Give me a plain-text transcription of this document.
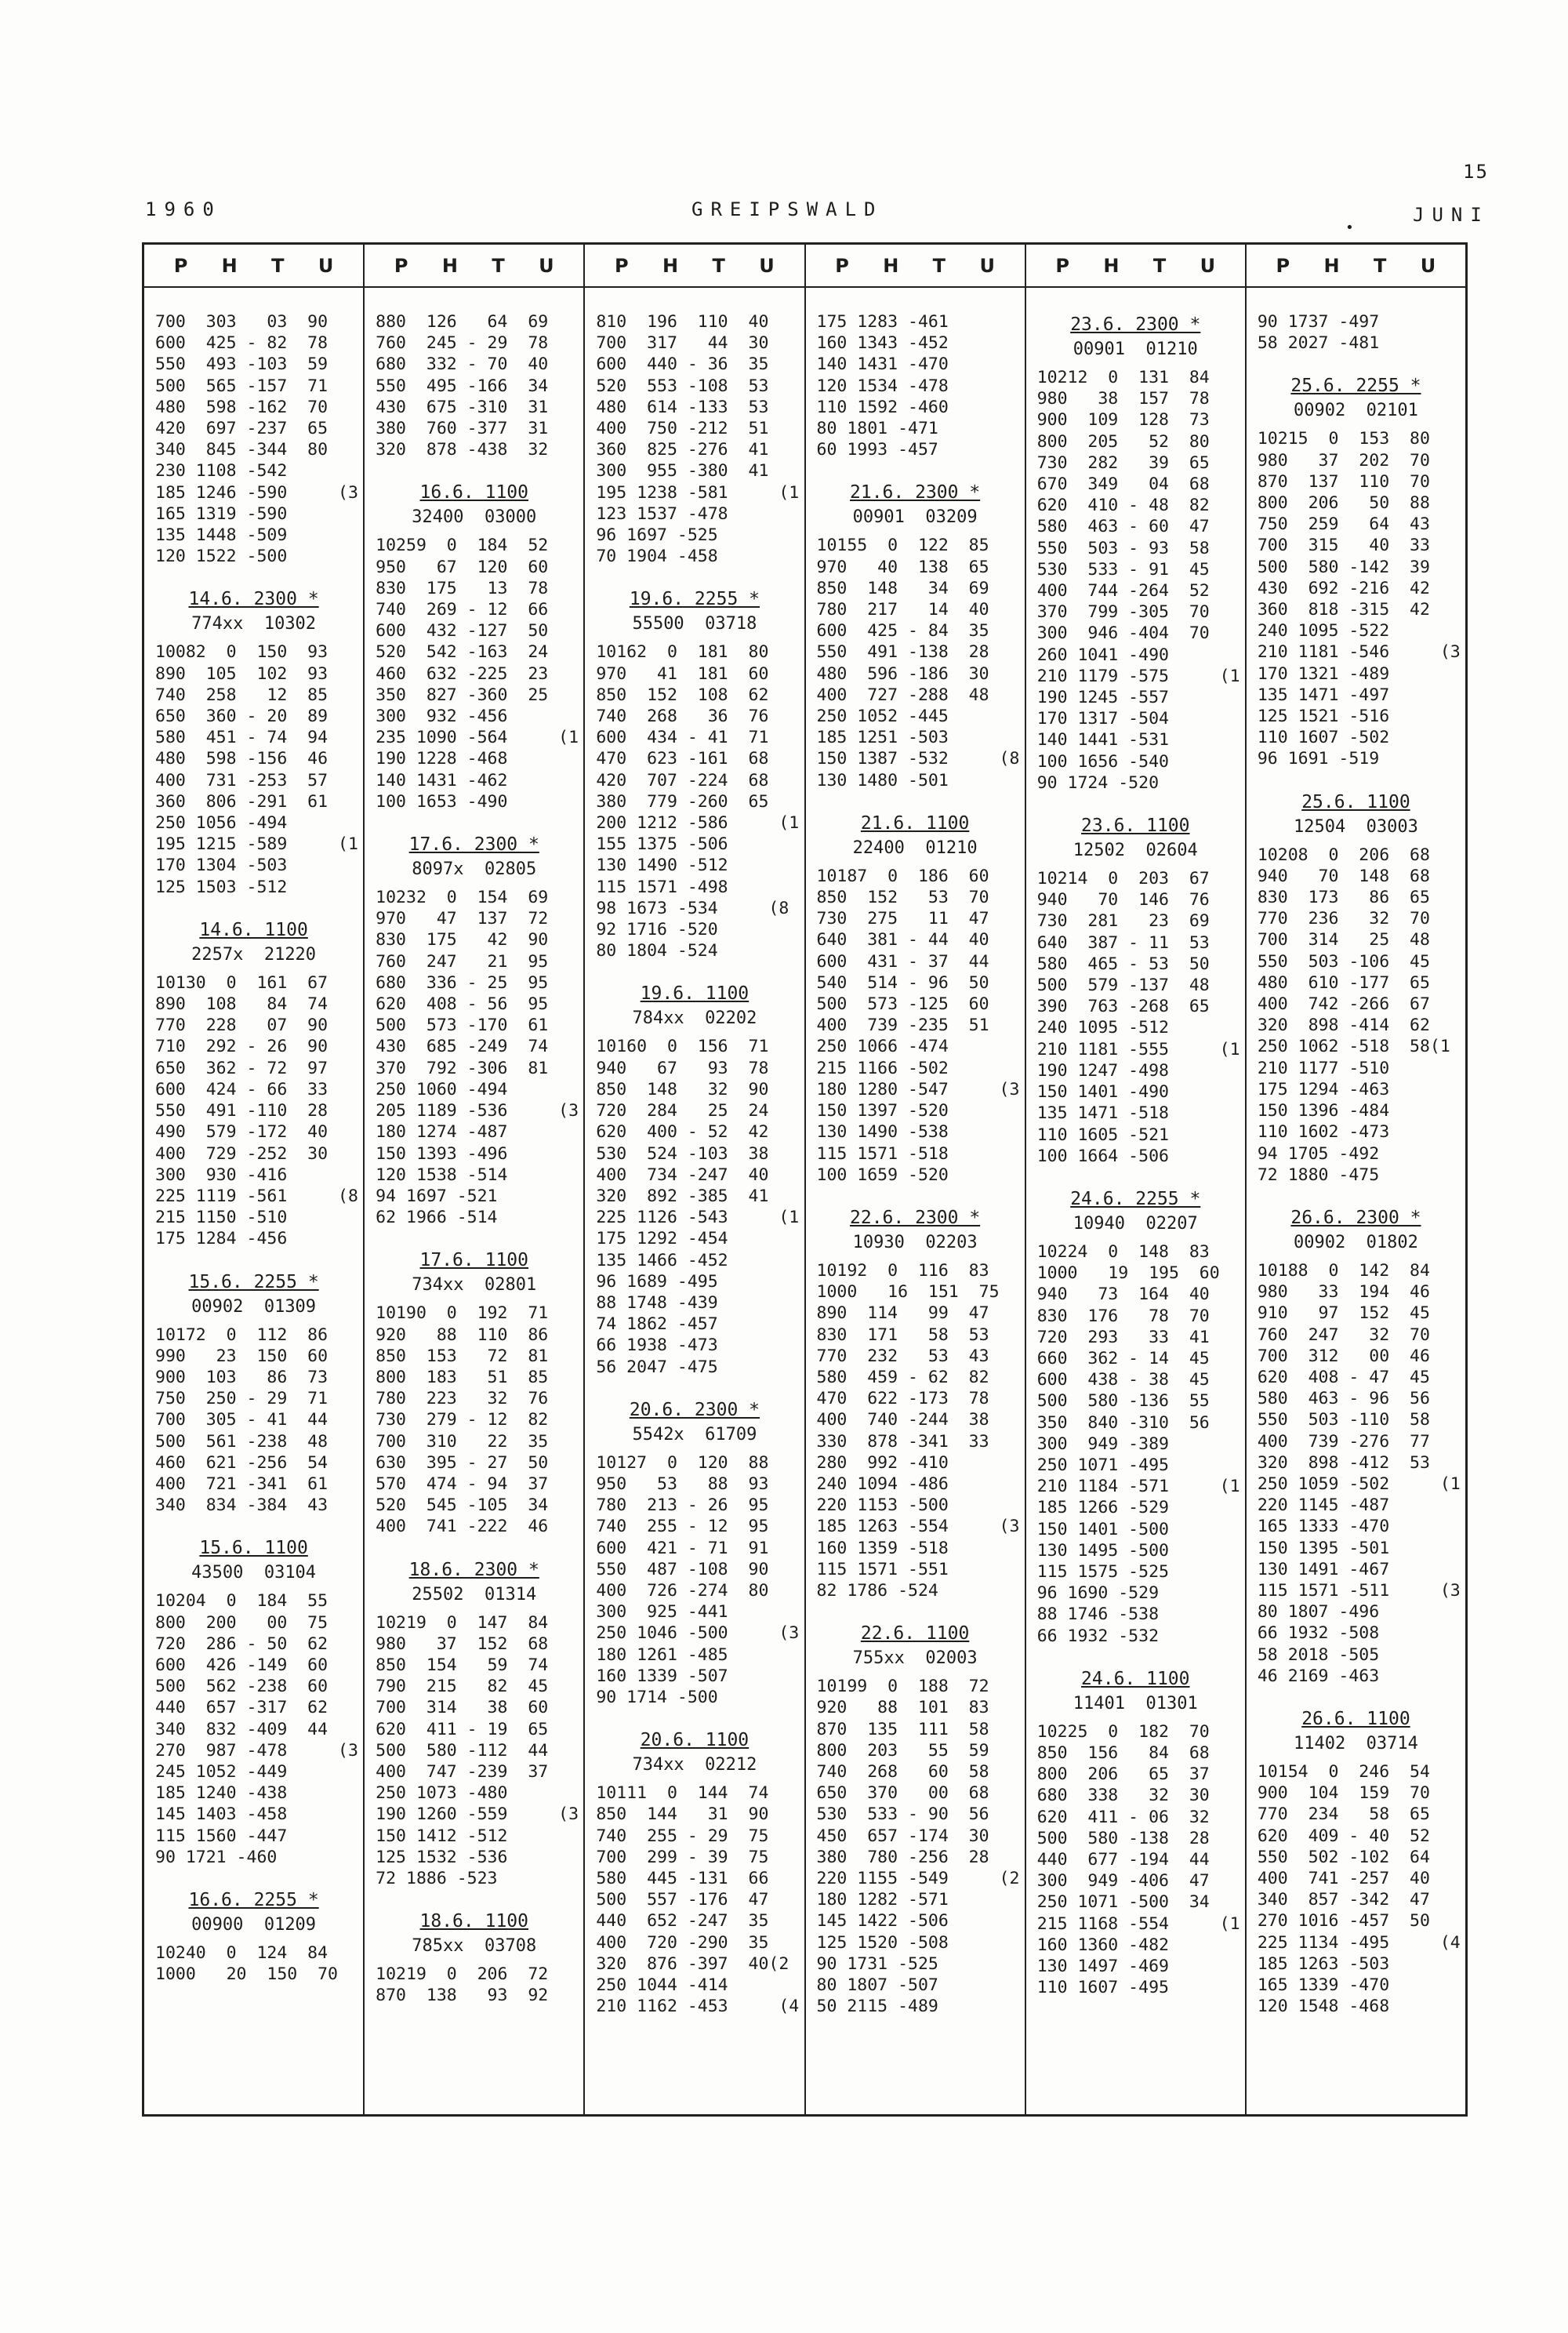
15
1960	GREIPSWALD	JUNI
•
P H T U
700  303   03  90
600  425 - 82  78
550  493 -103  59
500  565 -157  71
480  598 -162  70
420  697 -237  65
340  845 -344  80
230 1108 -542
185 1246 -590     (3
165 1319 -590
135 1448 -509
120 1522 -500
14.6. 2300 *
774xx  10302
10082  0  150  93
890  105  102  93
740  258   12  85
650  360 - 20  89
580  451 - 74  94
480  598 -156  46
400  731 -253  57
360  806 -291  61
250 1056 -494
195 1215 -589     (1
170 1304 -503
125 1503 -512
14.6. 1100
2257x  21220
10130  0  161  67
890  108   84  74
770  228   07  90
710  292 - 26  90
650  362 - 72  97
600  424 - 66  33
550  491 -110  28
490  579 -172  40
400  729 -252  30
300  930 -416
225 1119 -561     (8
215 1150 -510
175 1284 -456
15.6. 2255 *
00902  01309
10172  0  112  86
990   23  150  60
900  103   86  73
750  250 - 29  71
700  305 - 41  44
500  561 -238  48
460  621 -256  54
400  721 -341  61
340  834 -384  43
15.6. 1100
43500  03104
10204  0  184  55
800  200   00  75
720  286 - 50  62
600  426 -149  60
500  562 -238  60
440  657 -317  62
340  832 -409  44
270  987 -478     (3
245 1052 -449
185 1240 -438
145 1403 -458
115 1560 -447
90 1721 -460
16.6. 2255 *
00900  01209
10240  0  124  84
1000   20  150  70
P H T U
880  126   64  69
760  245 - 29  78
680  332 - 70  40
550  495 -166  34
430  675 -310  31
380  760 -377  31
320  878 -438  32
16.6. 1100
32400  03000
10259  0  184  52
950   67  120  60
830  175   13  78
740  269 - 12  66
600  432 -127  50
520  542 -163  24
460  632 -225  23
350  827 -360  25
300  932 -456
235 1090 -564     (1
190 1228 -468
140 1431 -462
100 1653 -490
17.6. 2300 *
8097x  02805
10232  0  154  69
970   47  137  72
830  175   42  90
760  247   21  95
680  336 - 25  95
620  408 - 56  95
500  573 -170  61
430  685 -249  74
370  792 -306  81
250 1060 -494
205 1189 -536     (3
180 1274 -487
150 1393 -496
120 1538 -514
94 1697 -521
62 1966 -514
17.6. 1100
734xx  02801
10190  0  192  71
920   88  110  86
850  153   72  81
800  183   51  85
780  223   32  76
730  279 - 12  82
700  310   22  35
630  395 - 27  50
570  474 - 94  37
520  545 -105  34
400  741 -222  46
18.6. 2300 *
25502  01314
10219  0  147  84
980   37  152  68
850  154   59  74
790  215   82  45
700  314   38  60
620  411 - 19  65
500  580 -112  44
400  747 -239  37
250 1073 -480
190 1260 -559     (3
150 1412 -512
125 1532 -536
72 1886 -523
18.6. 1100
785xx  03708
10219  0  206  72
870  138   93  92
P H T U
810  196  110  40
700  317   44  30
600  440 - 36  35
520  553 -108  53
480  614 -133  53
400  750 -212  51
360  825 -276  41
300  955 -380  41
195 1238 -581     (1
123 1537 -478
96 1697 -525
70 1904 -458
19.6. 2255 *
55500  03718
10162  0  181  80
970   41  181  60
850  152  108  62
740  268   36  76
600  434 - 41  71
470  623 -161  68
420  707 -224  68
380  779 -260  65
200 1212 -586     (1
155 1375 -506
130 1490 -512
115 1571 -498
98 1673 -534     (8
92 1716 -520
80 1804 -524
19.6. 1100
784xx  02202
10160  0  156  71
940   67   93  78
850  148   32  90
720  284   25  24
620  400 - 52  42
530  524 -103  38
400  734 -247  40
320  892 -385  41
225 1126 -543     (1
175 1292 -454
135 1466 -452
96 1689 -495
88 1748 -439
74 1862 -457
66 1938 -473
56 2047 -475
20.6. 2300 *
5542x  61709
10127  0  120  88
950   53   88  93
780  213 - 26  95
740  255 - 12  95
600  421 - 71  91
550  487 -108  90
400  726 -274  80
300  925 -441
250 1046 -500     (3
180 1261 -485
160 1339 -507
90 1714 -500
20.6. 1100
734xx  02212
10111  0  144  74
850  144   31  90
740  255 - 29  75
700  299 - 39  75
580  445 -131  66
500  557 -176  47
440  652 -247  35
400  720 -290  35
320  876 -397  40(2
250 1044 -414
210 1162 -453     (4
P H T U
175 1283 -461
160 1343 -452
140 1431 -470
120 1534 -478
110 1592 -460
80 1801 -471
60 1993 -457
21.6. 2300 *
00901  03209
10155  0  122  85
970   40  138  65
850  148   34  69
780  217   14  40
600  425 - 84  35
550  491 -138  28
480  596 -186  30
400  727 -288  48
250 1052 -445
185 1251 -503
150 1387 -532     (8
130 1480 -501
21.6. 1100
22400  01210
10187  0  186  60
850  152   53  70
730  275   11  47
640  381 - 44  40
600  431 - 37  44
540  514 - 96  50
500  573 -125  60
400  739 -235  51
250 1066 -474
215 1166 -502
180 1280 -547     (3
150 1397 -520
130 1490 -538
115 1571 -518
100 1659 -520
22.6. 2300 *
10930  02203
10192  0  116  83
1000   16  151  75
890  114   99  47
830  171   58  53
770  232   53  43
580  459 - 62  82
470  622 -173  78
400  740 -244  38
330  878 -341  33
280  992 -410
240 1094 -486
220 1153 -500
185 1263 -554     (3
160 1359 -518
115 1571 -551
82 1786 -524
22.6. 1100
755xx  02003
10199  0  188  72
920   88  101  83
870  135  111  58
800  203   55  59
740  268   60  58
650  370   00  68
530  533 - 90  56
450  657 -174  30
380  780 -256  28
220 1155 -549     (2
180 1282 -571
145 1422 -506
125 1520 -508
90 1731 -525
80 1807 -507
50 2115 -489
P H T U
23.6. 2300 *
00901  01210
10212  0  131  84
980   38  157  78
900  109  128  73
800  205   52  80
730  282   39  65
670  349   04  68
620  410 - 48  82
580  463 - 60  47
550  503 - 93  58
530  533 - 91  45
400  744 -264  52
370  799 -305  70
300  946 -404  70
260 1041 -490
210 1179 -575     (1
190 1245 -557
170 1317 -504
140 1441 -531
100 1656 -540
90 1724 -520
23.6. 1100
12502  02604
10214  0  203  67
940   70  146  76
730  281   23  69
640  387 - 11  53
580  465 - 53  50
500  579 -137  48
390  763 -268  65
240 1095 -512
210 1181 -555     (1
190 1247 -498
150 1401 -490
135 1471 -518
110 1605 -521
100 1664 -506
24.6. 2255 *
10940  02207
10224  0  148  83
1000   19  195  60
940   73  164  40
830  176   78  70
720  293   33  41
660  362 - 14  45
600  438 - 38  45
500  580 -136  55
350  840 -310  56
300  949 -389
250 1071 -495
210 1184 -571     (1
185 1266 -529
150 1401 -500
130 1495 -500
115 1575 -525
96 1690 -529
88 1746 -538
66 1932 -532
24.6. 1100
11401  01301
10225  0  182  70
850  156   84  68
800  206   65  37
680  338   32  30
620  411 - 06  32
500  580 -138  28
440  677 -194  44
300  949 -406  47
250 1071 -500  34
215 1168 -554     (1
160 1360 -482
130 1497 -469
110 1607 -495
P H T U
90 1737 -497
58 2027 -481
25.6. 2255 *
00902  02101
10215  0  153  80
980   37  202  70
870  137  110  70
800  206   50  88
750  259   64  43
700  315   40  33
500  580 -142  39
430  692 -216  42
360  818 -315  42
240 1095 -522
210 1181 -546     (3
170 1321 -489
135 1471 -497
125 1521 -516
110 1607 -502
96 1691 -519
25.6. 1100
12504  03003
10208  0  206  68
940   70  148  68
830  173   86  65
770  236   32  70
700  314   25  48
550  503 -106  45
480  610 -177  65
400  742 -266  67
320  898 -414  62
250 1062 -518  58(1
210 1177 -510
175 1294 -463
150 1396 -484
110 1602 -473
94 1705 -492
72 1880 -475
26.6. 2300 *
00902  01802
10188  0  142  84
980   33  194  46
910   97  152  45
760  247   32  70
700  312   00  46
620  408 - 47  45
580  463 - 96  56
550  503 -110  58
400  739 -276  77
320  898 -412  53
250 1059 -502     (1
220 1145 -487
165 1333 -470
150 1395 -501
130 1491 -467
115 1571 -511     (3
80 1807 -496
66 1932 -508
58 2018 -505
46 2169 -463
26.6. 1100
11402  03714
10154  0  246  54
900  104  159  70
770  234   58  65
620  409 - 40  52
550  502 -102  64
400  741 -257  40
340  857 -342  47
270 1016 -457  50
225 1134 -495     (4
185 1263 -503
165 1339 -470
120 1548 -468
